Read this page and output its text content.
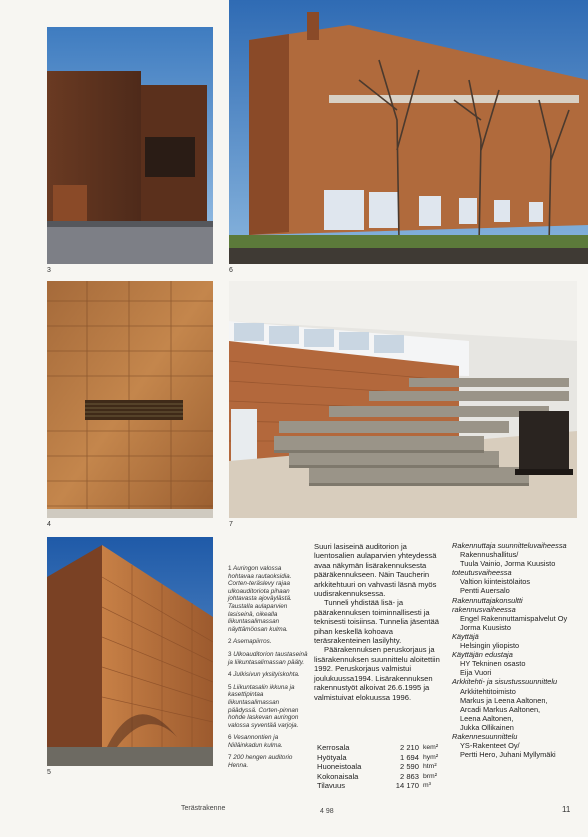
3	6
4	7
5
1 Auringon valossa hohtavaa rautaoksidia. Corten-teräslevy rajaa ulkoauditoriota pihaan johtavasta ajoväylästä. Taustalla aulaparvien lasiseinä, oikealla liikuntasalimassan näyttämöosan kulma.
2 Asemapiirros.
3 Ulkoauditorion taustaseinä ja liikuntasalimassan pääty.
4 Julkisivun yksityiskohta.
5 Liikuntasalin ikkuna ja kasettipintaa liikuntasalimassan päädyssä. Corten-pinnan hohde laskevan auringon valossa syventää varjoja.
6 Vesannontien ja Niiläinkadun kulma.
7 200 hengen auditorio Henna.

Suuri lasiseinä auditorion ja luentosalien aulaparvien yhteydessä avaa näkymän lisärakennuksesta pääräkennukseen. Näin Taucherin arkkitehtuuri on vahvasti läsnä myös uudisrakennuksessa.

Tunneli yhdistää lisä- ja päärakennuksen toiminnallisesti ja teknisesti toisiinsa. Tunnelia jäsentää pihan keskellä kohoava teräsrakenteinen lasilyhty.

Päärakennuksen peruskorjaus ja lisärakennuksen suunnittelu aloitettiin 1992. Peruskorjaus valmistui joulukuussa1994. Lisärakennuksen rakennustyöt alkoivat 26.6.1995 ja valmistuivat elokuussa 1996.

Kerrosala	2 210 kem²
Hyötyala	1 694 hym²
Huoneistoala	2 590 htm²
Kokonaisala	2 863 brm²
Tilavuus	14 170 m³
Rakennuttaja suunnitteluvaiheessa
Rakennushallitus/
Tuula Vainio, Jorma Kuusisto
toteutusvaiheessa
Valtion kiinteistölaitos
Pentti Auersalo
Rakennuttajakonsultti rakennusvaiheessa
Engel Rakennuttamispalvelut Oy
Jorma Kuusisto
Käyttäjä
Helsingin yliopisto
Käyttäjän edustaja
HY Tekninen osasto
Eija Vuori
Arkkitehti- ja sisustussuunnittelu
Arkkitehtitoimisto
Markus ja Leena Aaltonen,
Arcadi Markus Aaltonen,
Leena Aaltonen,
Jukka Ollikainen
Rakennesuunnittelu
YS-Rakenteet Oy/
Pertti Hero, Juhani Myllymäki
Terästrakenne	4 98	11
